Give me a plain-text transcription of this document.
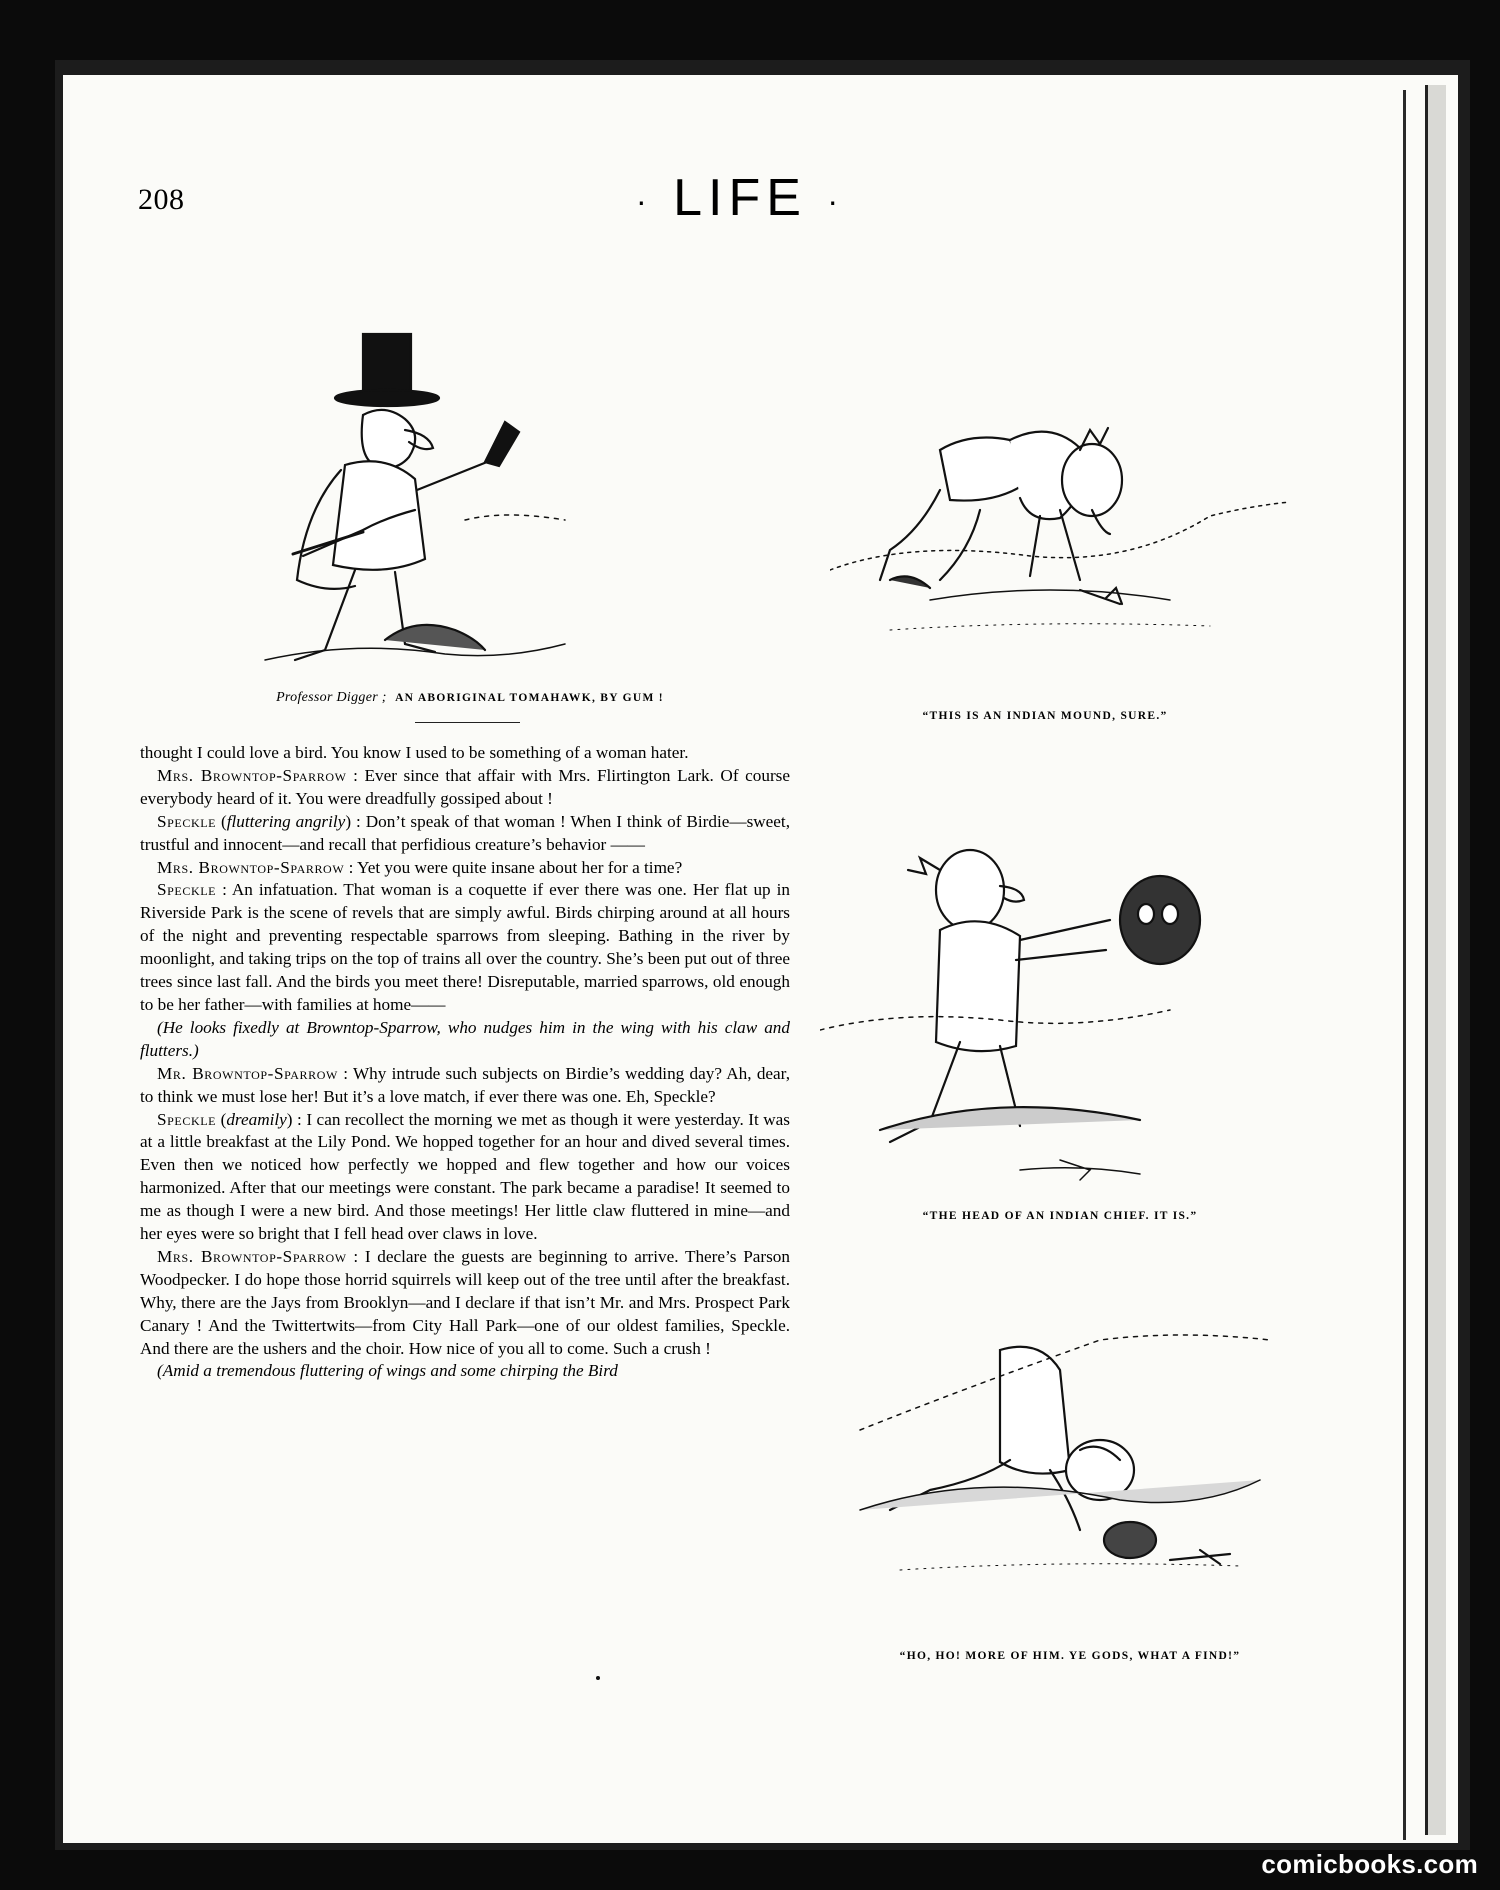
208	· LIFE ·
Professor Digger ; AN ABORIGINAL TOMAHAWK, BY GUM !
“THIS IS AN INDIAN MOUND, SURE.”
“THE HEAD OF AN INDIAN CHIEF. IT IS.”
“HO, HO! MORE OF HIM. YE GODS, WHAT A FIND!”

thought I could love a bird. You know I used to be something of a woman hater.

Mrs. Browntop-Sparrow : Ever since that affair with Mrs. Flirtington Lark. Of course everybody heard of it. You were dreadfully gossiped about !

Speckle (fluttering angrily) : Don’t speak of that woman ! When I think of Birdie—sweet, trustful and innocent—and recall that perfidious creature’s behavior ——

Mrs. Browntop-Sparrow : Yet you were quite insane about her for a time?

Speckle : An infatuation. That woman is a coquette if ever there was one. Her flat up in Riverside Park is the scene of revels that are simply awful. Birds chirping around at all hours of the night and preventing respectable sparrows from sleeping. Bathing in the river by moonlight, and taking trips on the top of trains all over the country. She’s been put out of three trees since last fall. And the birds you meet there! Disreputable, married sparrows, old enough to be her father—with families at home——

(He looks fixedly at Browntop-Sparrow, who nudges him in the wing with his claw and flutters.)

Mr. Browntop-Sparrow : Why intrude such subjects on Birdie’s wedding day? Ah, dear, to think we must lose her! But it’s a love match, if ever there was one. Eh, Speckle?

Speckle (dreamily) : I can recollect the morning we met as though it were yesterday. It was at a little breakfast at the Lily Pond. We hopped together for an hour and dived several times. Even then we noticed how perfectly we hopped and flew together and how our voices harmonized. After that our meetings were constant. The park became a paradise! It seemed to me as though I were a new bird. And those meetings! Her little claw fluttered in mine—and her eyes were so bright that I fell head over claws in love.

Mrs. Browntop-Sparrow : I declare the guests are beginning to arrive. There’s Parson Woodpecker. I do hope those horrid squirrels will keep out of the tree until after the breakfast. Why, there are the Jays from Brooklyn—and I declare if that isn’t Mr. and Mrs. Prospect Park Canary ! And the Twittertwits—from City Hall Park—one of our oldest families, Speckle. And there are the ushers and the choir. How nice of you all to come. Such a crush !

(Amid a tremendous fluttering of wings and some chirping the Bird

comicbooks.com
